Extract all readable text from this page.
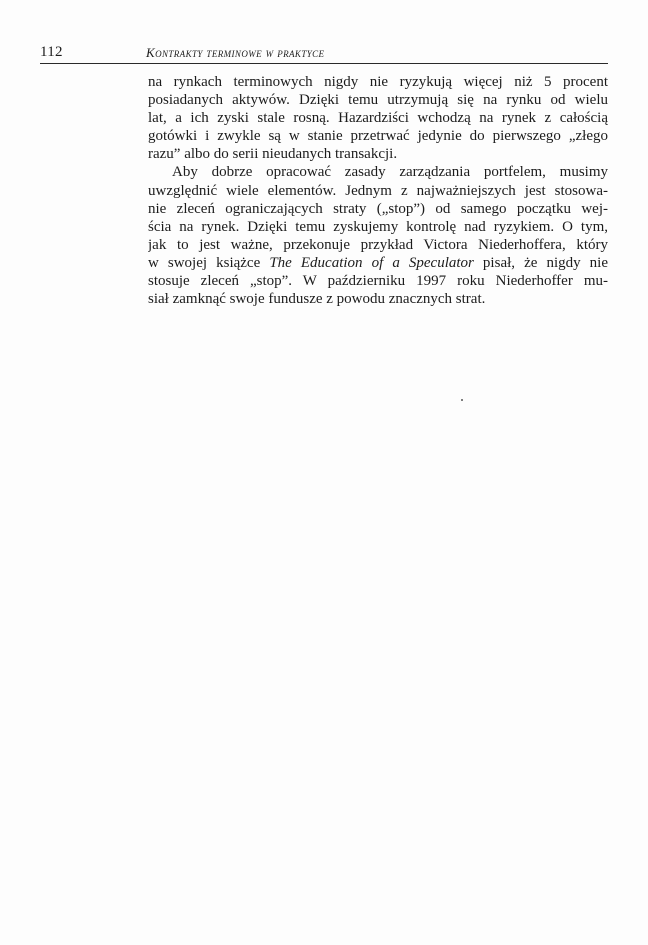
112	Kontrakty terminowe w praktyce
na rynkach terminowych nigdy nie ryzykują więcej niż 5 procent
posiadanych aktywów. Dzięki temu utrzymują się na rynku od wielu
lat, a ich zyski stale rosną. Hazardziści wchodzą na rynek z całością
gotówki i zwykle są w stanie przetrwać jedynie do pierwszego „złego
razu” albo do serii nieudanych transakcji.
Aby dobrze opracować zasady zarządzania portfelem, musimy
uwzględnić wiele elementów. Jednym z najważniejszych jest stosowa-
nie zleceń ograniczających straty („stop”) od samego początku wej-
ścia na rynek. Dzięki temu zyskujemy kontrolę nad ryzykiem. O tym,
jak to jest ważne, przekonuje przykład Victora Niederhoffera, który
w swojej książce The Education of a Speculator pisał, że nigdy nie
stosuje zleceń „stop”. W październiku 1997 roku Niederhoffer mu-
siał zamknąć swoje fundusze z powodu znacznych strat.
